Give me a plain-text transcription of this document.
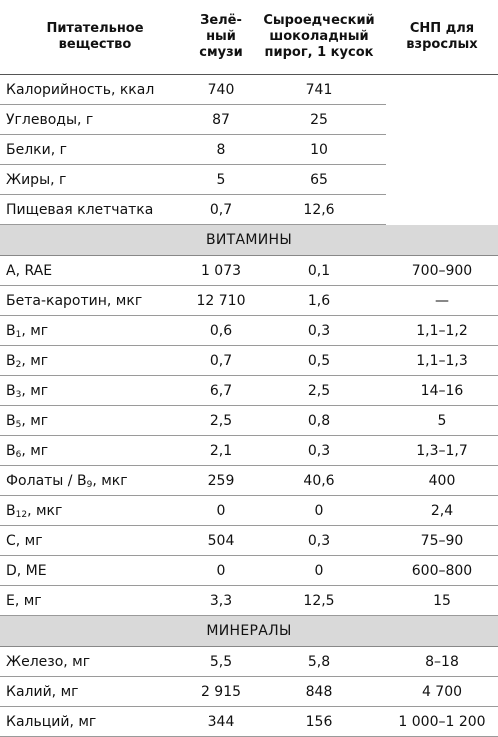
Питательное вещество	Зелёный смузи	Сыроедческий шоколадный пирог, 1 кусок	СНП для взрослых
Калорийность, ккал	740	741	
Углеводы, г	87	25	
Белки, г	8	10	
Жиры, г	5	65	
Пищевая клетчатка	0,7	12,6	
ВИТАМИНЫ			
A, RAE	1 073	0,1	700–900
Бета-каротин, мкг	12 710	1,6	—
$B_1$, мг	0,6	0,3	1,1–1,2
$B_2$, мг	0,7	0,5	1,1–1,3
$B_3$, мг	6,7	2,5	14–16
$B_5$, мг	2,5	0,8	5
$B_6$, мг	2,1	0,3	1,3–1,7
Фолаты / $B_9$, мкг	259	40,6	400
$B_{12}$, мкг	0	0	2,4
C, мг	504	0,3	75–90
D, ME	0	0	600–800
E, мг	3,3	12,5	15
МИНЕРАЛЫ			
Железо, мг	5,5	5,8	8–18
Калий, мг	2 915	848	4 700
Кальций, мг	344	156	1 000–1 200
